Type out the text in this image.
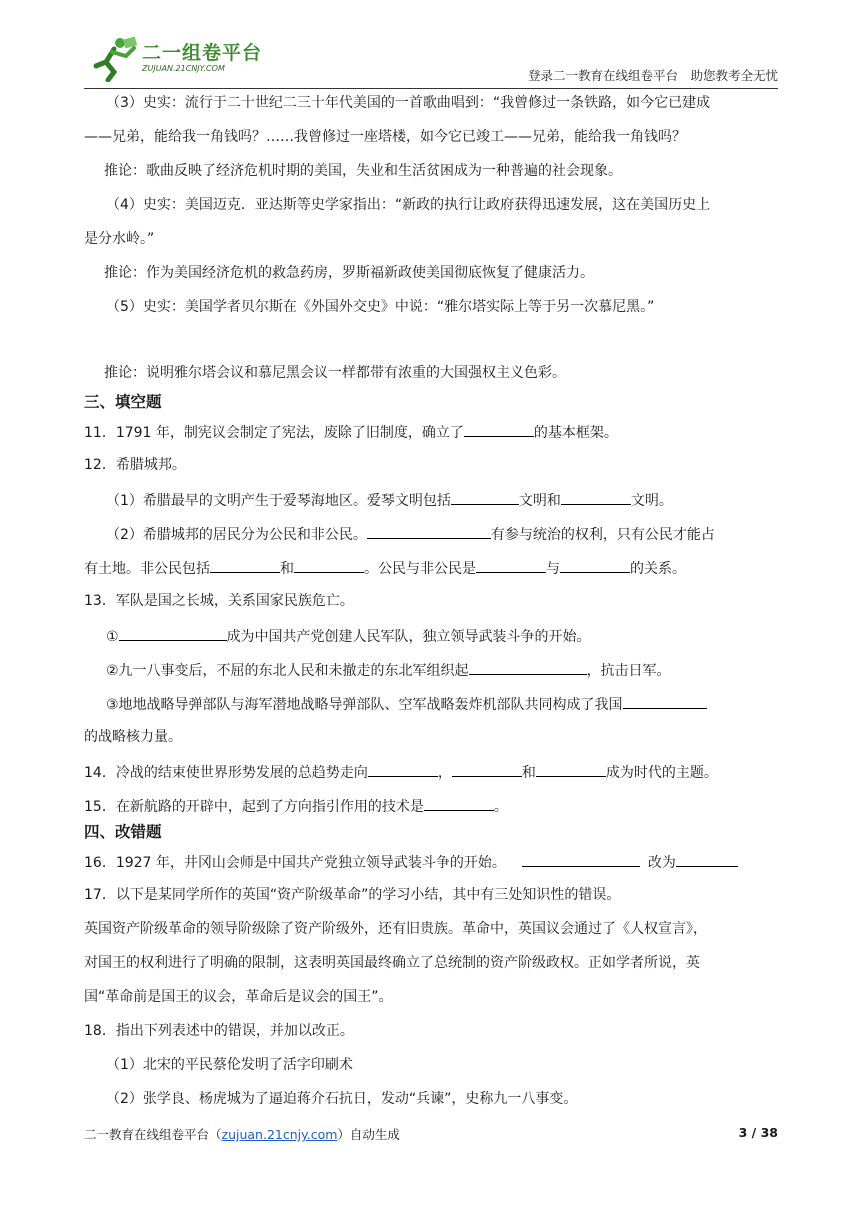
二一组卷平台
ZUJUAN.21CNJY.COM	登录二一教育在线组卷平台　助您教考全无忧
（3）史实：流行于二十世纪二三十年代美国的一首歌曲唱到：“我曾修过一条铁路，如今它已建成
——兄弟，能给我一角钱吗？……我曾修过一座塔楼，如今它已竣工——兄弟，能给我一角钱吗？
推论：歌曲反映了经济危机时期的美国，失业和生活贫困成为一种普遍的社会现象。
（4）史实：美国迈克．亚达斯等史学家指出：“新政的执行让政府获得迅速发展，这在美国历史上
是分水岭。”
推论：作为美国经济危机的救急药房，罗斯福新政使美国彻底恢复了健康活力。
（5）史实：美国学者贝尔斯在《外国外交史》中说：“雅尔塔实际上等于另一次慕尼黑。”
推论：说明雅尔塔会议和慕尼黑会议一样都带有浓重的大国强权主义色彩。
三、填空题
11．1791 年，制宪议会制定了宪法，废除了旧制度，确立了	的基本框架。
12．希腊城邦。
（1）希腊最早的文明产生于爱琴海地区。爱琴文明包括	文明和	文明。
（2）希腊城邦的居民分为公民和非公民。	有参与统治的权利，只有公民才能占
有土地。非公民包括	和	。公民与非公民是	与	的关系。
13．军队是国之长城，关系国家民族危亡。
①	成为中国共产党创建人民军队，独立领导武装斗争的开始。
②九一八事变后，不屈的东北人民和未撤走的东北军组织起	，抗击日军。
③地地战略导弹部队与海军潜地战略导弹部队、空军战略轰炸机部队共同构成了我国
的战略核力量。
14．冷战的结束使世界形势发展的总趋势走向	，	和	成为时代的主题。
15．在新航路的开辟中，起到了方向指引作用的技术是	。
四、改错题
16．1927 年，井冈山会师是中国共产党独立领导武装斗争的开始。	改为
17．以下是某同学所作的英国“资产阶级革命”的学习小结，其中有三处知识性的错误。
英国资产阶级革命的领导阶级除了资产阶级外，还有旧贵族。革命中，英国议会通过了《人权宣言》，
对国王的权利进行了明确的限制，这表明英国最终确立了总统制的资产阶级政权。正如学者所说，英
国“革命前是国王的议会，革命后是议会的国王”。
18．指出下列表述中的错误，并加以改正。
（1）北宋的平民蔡伦发明了活字印刷术
（2）张学良、杨虎城为了逼迫蒋介石抗日，发动“兵谏”，史称九一八事变。
二一教育在线组卷平台（zujuan.21cnjy.com）自动生成	3 / 38
